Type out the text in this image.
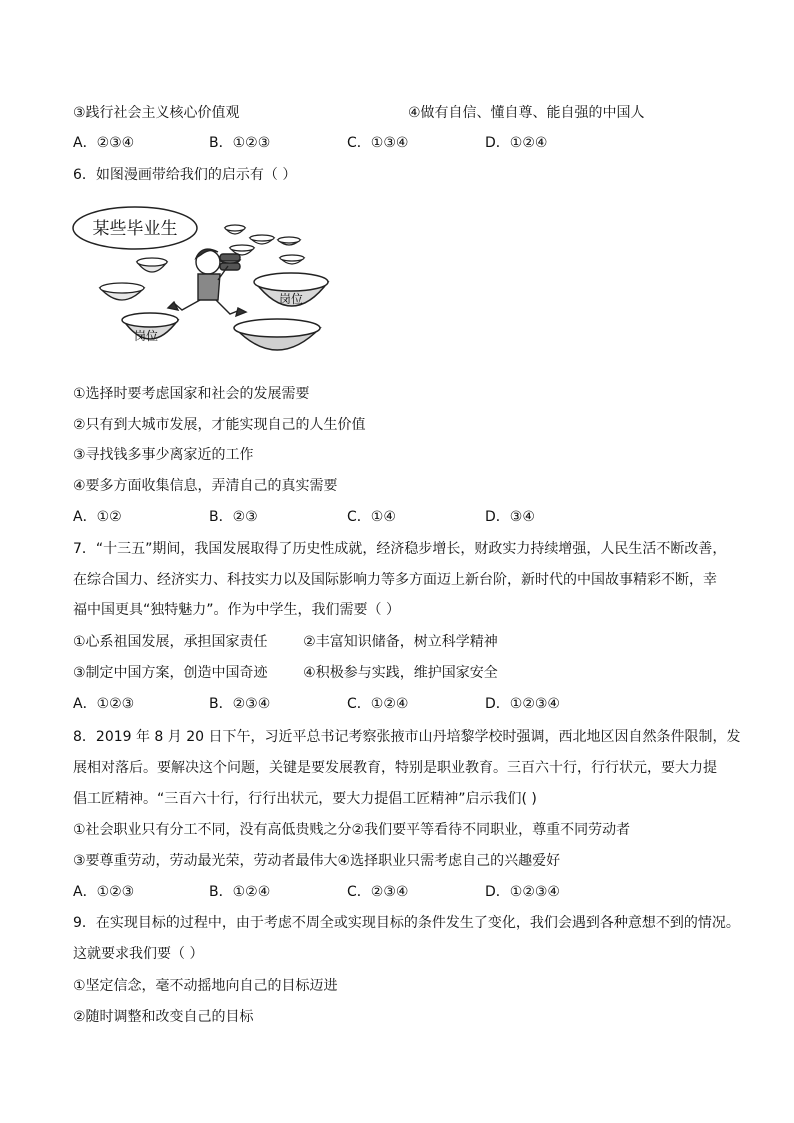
③践行社会主义核心价值观	④做有自信、懂自尊、能自强的中国人
A．②③④	B．①②③	C．①③④	D．①②④
6．如图漫画带给我们的启示有（ ）
某些毕业生
岗位
岗位
①选择时要考虑国家和社会的发展需要
②只有到大城市发展，才能实现自己的人生价值
③寻找钱多事少离家近的工作
④要多方面收集信息，弄清自己的真实需要
A．①②	B．②③	C．①④	D．③④
7．“十三五”期间，我国发展取得了历史性成就，经济稳步增长，财政实力持续增强，人民生活不断改善，
在综合国力、经济实力、科技实力以及国际影响力等多方面迈上新台阶，新时代的中国故事精彩不断，幸
福中国更具“独特魅力”。作为中学生，我们需要（ ）
①心系祖国发展，承担国家责任        ②丰富知识储备，树立科学精神
③制定中国方案，创造中国奇迹        ④积极参与实践，维护国家安全
A．①②③	B．②③④	C．①②④	D．①②③④
8．2019 年 8 月 20 日下午，习近平总书记考察张掖市山丹培黎学校时强调，西北地区因自然条件限制，发
展相对落后。要解决这个问题，关键是要发展教育，特别是职业教育。三百六十行，行行状元，要大力提
倡工匠精神。“三百六十行，行行出状元，要大力提倡工匠精神”启示我们( )
①社会职业只有分工不同，没有高低贵贱之分②我们要平等看待不同职业，尊重不同劳动者
③要尊重劳动，劳动最光荣，劳动者最伟大④选择职业只需考虑自己的兴趣爱好
A．①②③	B．①②④	C．②③④	D．①②③④
9．在实现目标的过程中，由于考虑不周全或实现目标的条件发生了变化，我们会遇到各种意想不到的情况。
这就要求我们要（ ）
①坚定信念，毫不动摇地向自己的目标迈进
②随时调整和改变自己的目标
